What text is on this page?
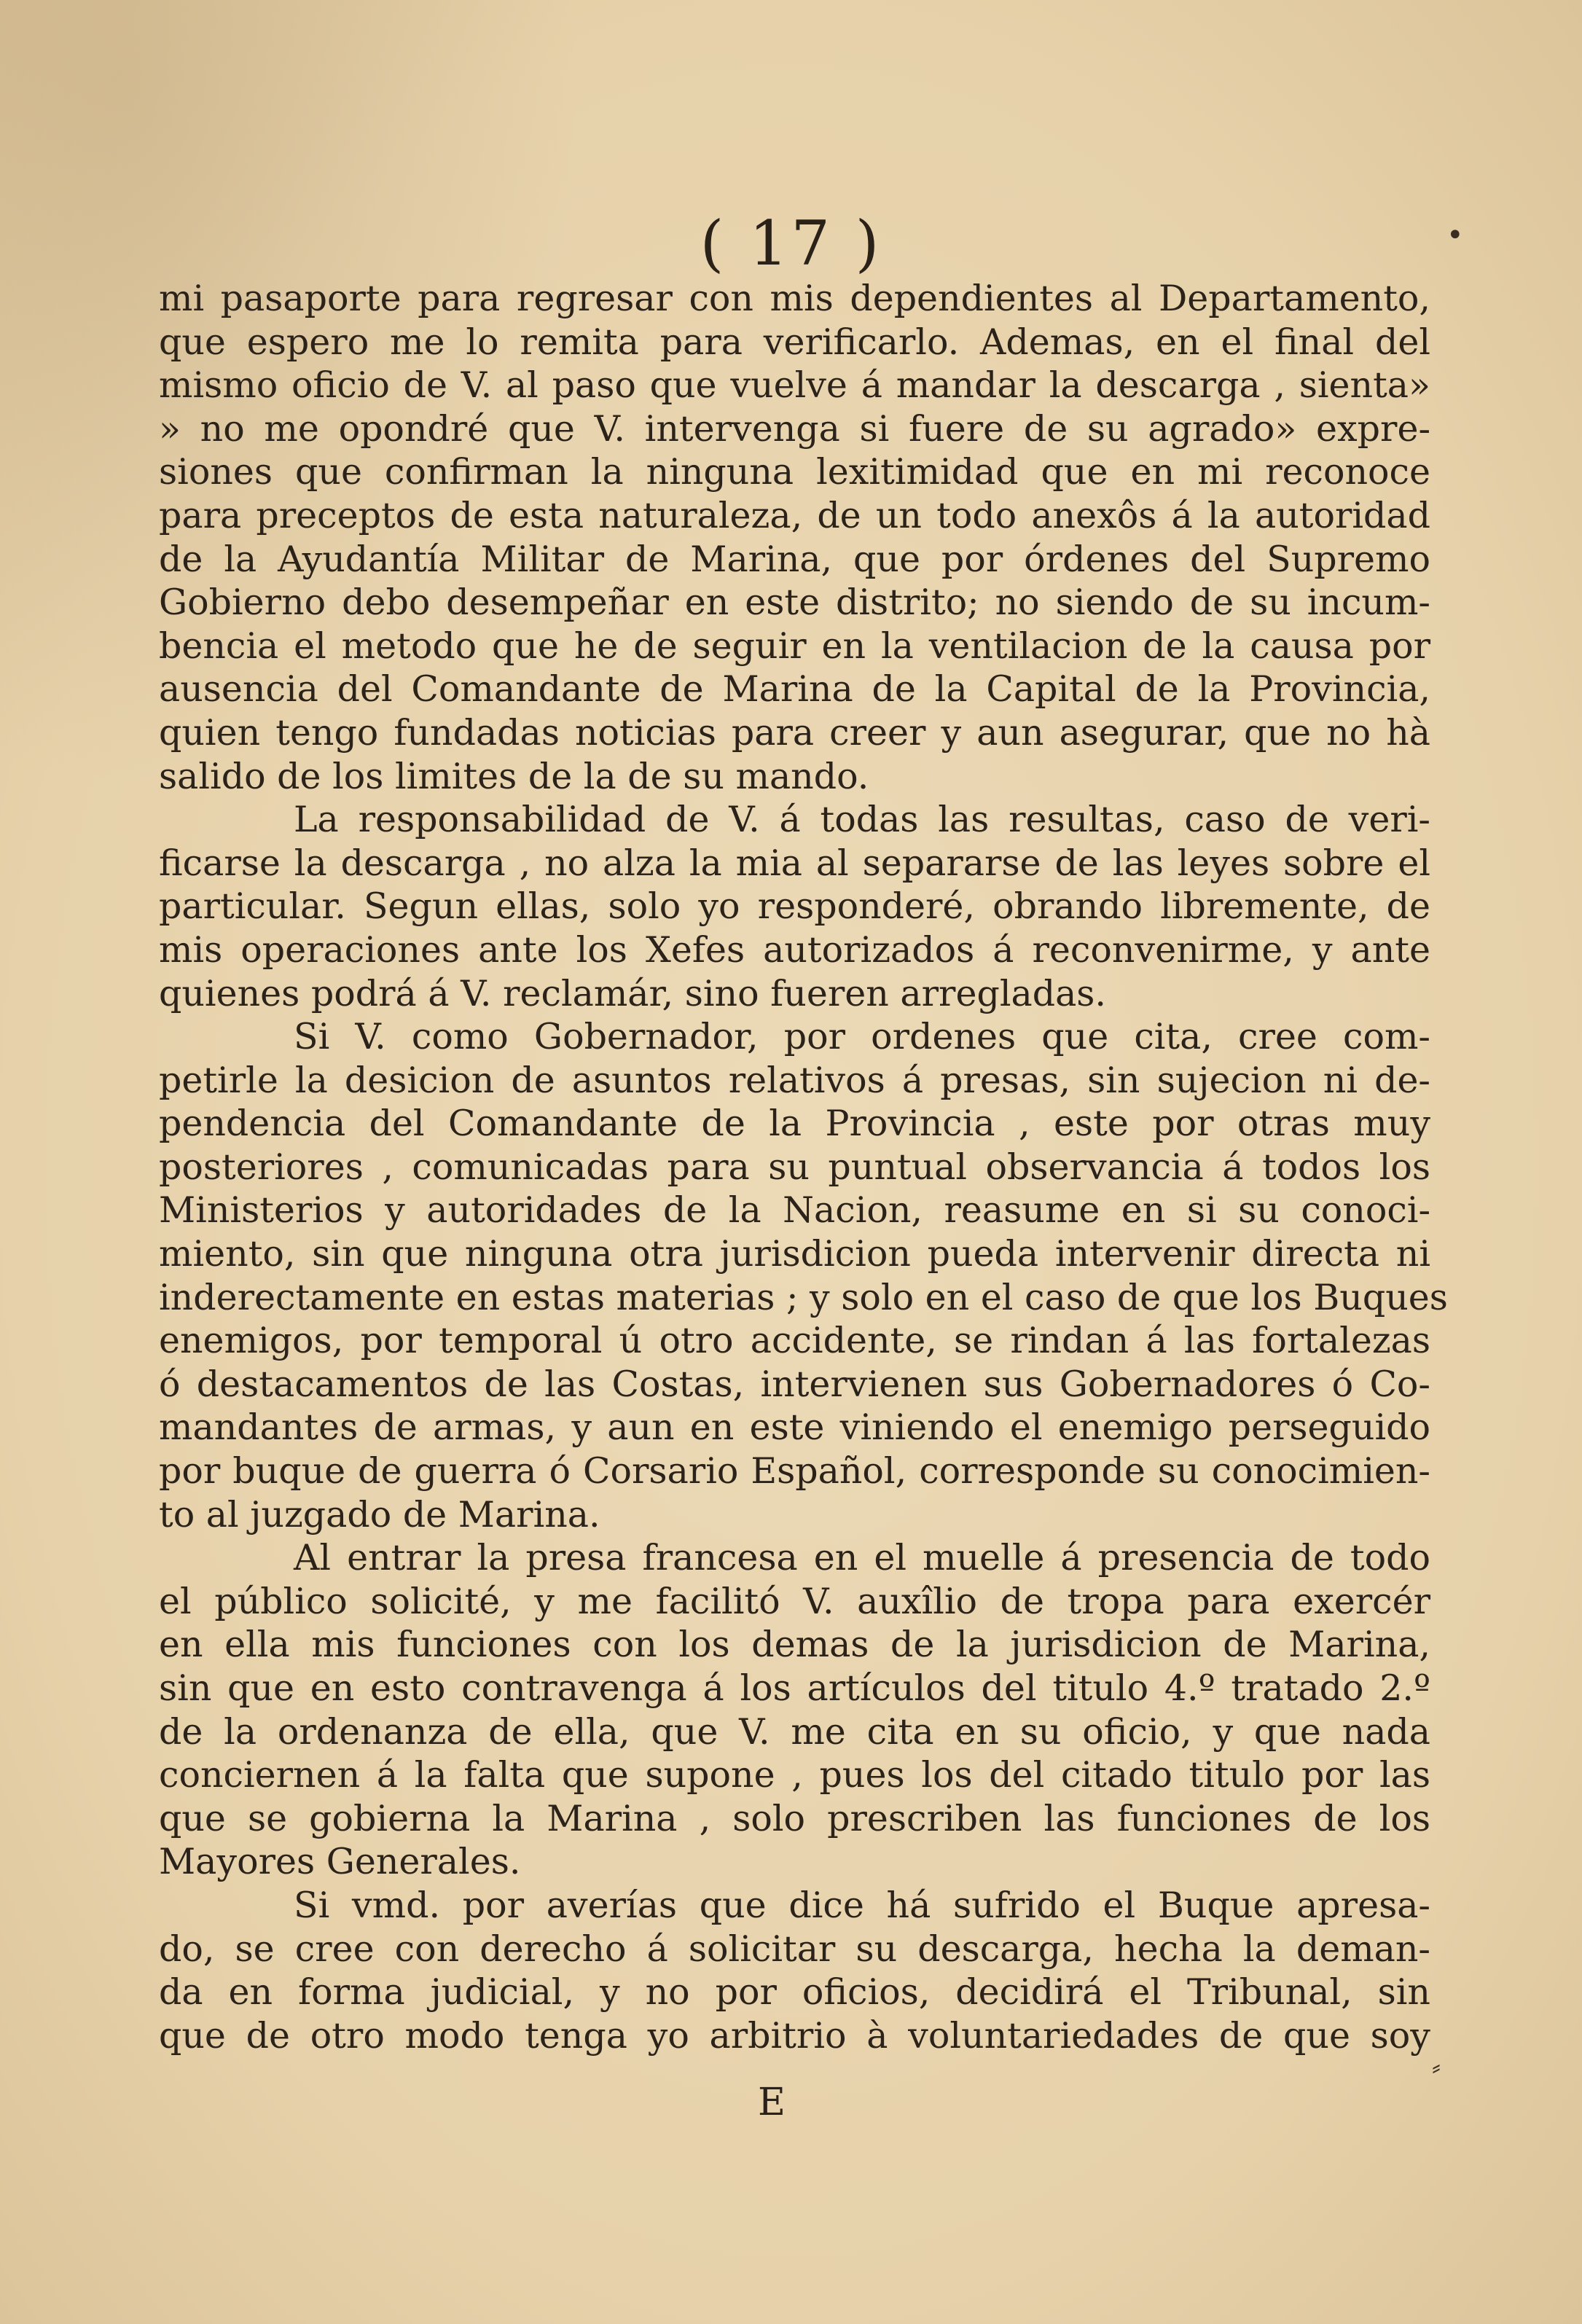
( 17 )	•
mi pasaporte para regresar con mis dependientes al Departamento,
que espero me lo remita para verificarlo. Ademas, en el final del
mismo oficio de V. al paso que vuelve á mandar la descarga , sienta»
» no me opondré que V. intervenga si fuere de su agrado» expre-
siones que confirman la ninguna lexitimidad que en mi reconoce
para preceptos de esta naturaleza, de un todo anexôs á la autoridad
de la Ayudantía Militar de Marina, que por órdenes del Supremo
Gobierno debo desempeñar en este distrito; no siendo de su incum-
bencia el metodo que he de seguir en la ventilacion de la causa por
ausencia del Comandante de Marina de la Capital de la Provincia,
quien tengo fundadas noticias para creer y aun asegurar, que no hà
salido de los limites de la de su mando.
La responsabilidad de V. á todas las resultas, caso de veri-
ficarse la descarga , no alza la mia al separarse de las leyes sobre el
particular. Segun ellas, solo yo responderé, obrando libremente, de
mis operaciones ante los Xefes autorizados á reconvenirme, y ante
quienes podrá á V. reclamár, sino fueren arregladas.
Si V. como Gobernador, por ordenes que cita, cree com-
petirle la desicion de asuntos relativos á presas, sin sujecion ni de-
pendencia del Comandante de la Provincia , este por otras muy
posteriores , comunicadas para su puntual observancia á todos los
Ministerios y autoridades de la Nacion, reasume en si su conoci-
miento, sin que ninguna otra jurisdicion pueda intervenir directa ni
inderectamente en estas materias ; y solo en el caso de que los Buques
enemigos, por temporal ú otro accidente, se rindan á las fortalezas
ó destacamentos de las Costas, intervienen sus Gobernadores ó Co-
mandantes de armas, y aun en este viniendo el enemigo perseguido
por buque de guerra ó Corsario Español, corresponde su conocimien-
to al juzgado de Marina.
Al entrar la presa francesa en el muelle á presencia de todo
el público solicité, y me facilitó V. auxîlio de tropa para exercér
en ella mis funciones con los demas de la jurisdicion de Marina,
sin que en esto contravenga á los artículos del titulo 4.º tratado 2.º
de la ordenanza de ella, que V. me cita en su oficio, y que nada
conciernen á la falta que supone , pues los del citado titulo por las
que se gobierna la Marina , solo prescriben las funciones de los
Mayores Generales.
Si vmd. por averías que dice há sufrido el Buque apresa-
do, se cree con derecho á solicitar su descarga, hecha la deman-
da en forma judicial, y no por oficios, decidirá el Tribunal, sin
que de otro modo tenga yo arbitrio à voluntariedades de que soy
⸗
E
